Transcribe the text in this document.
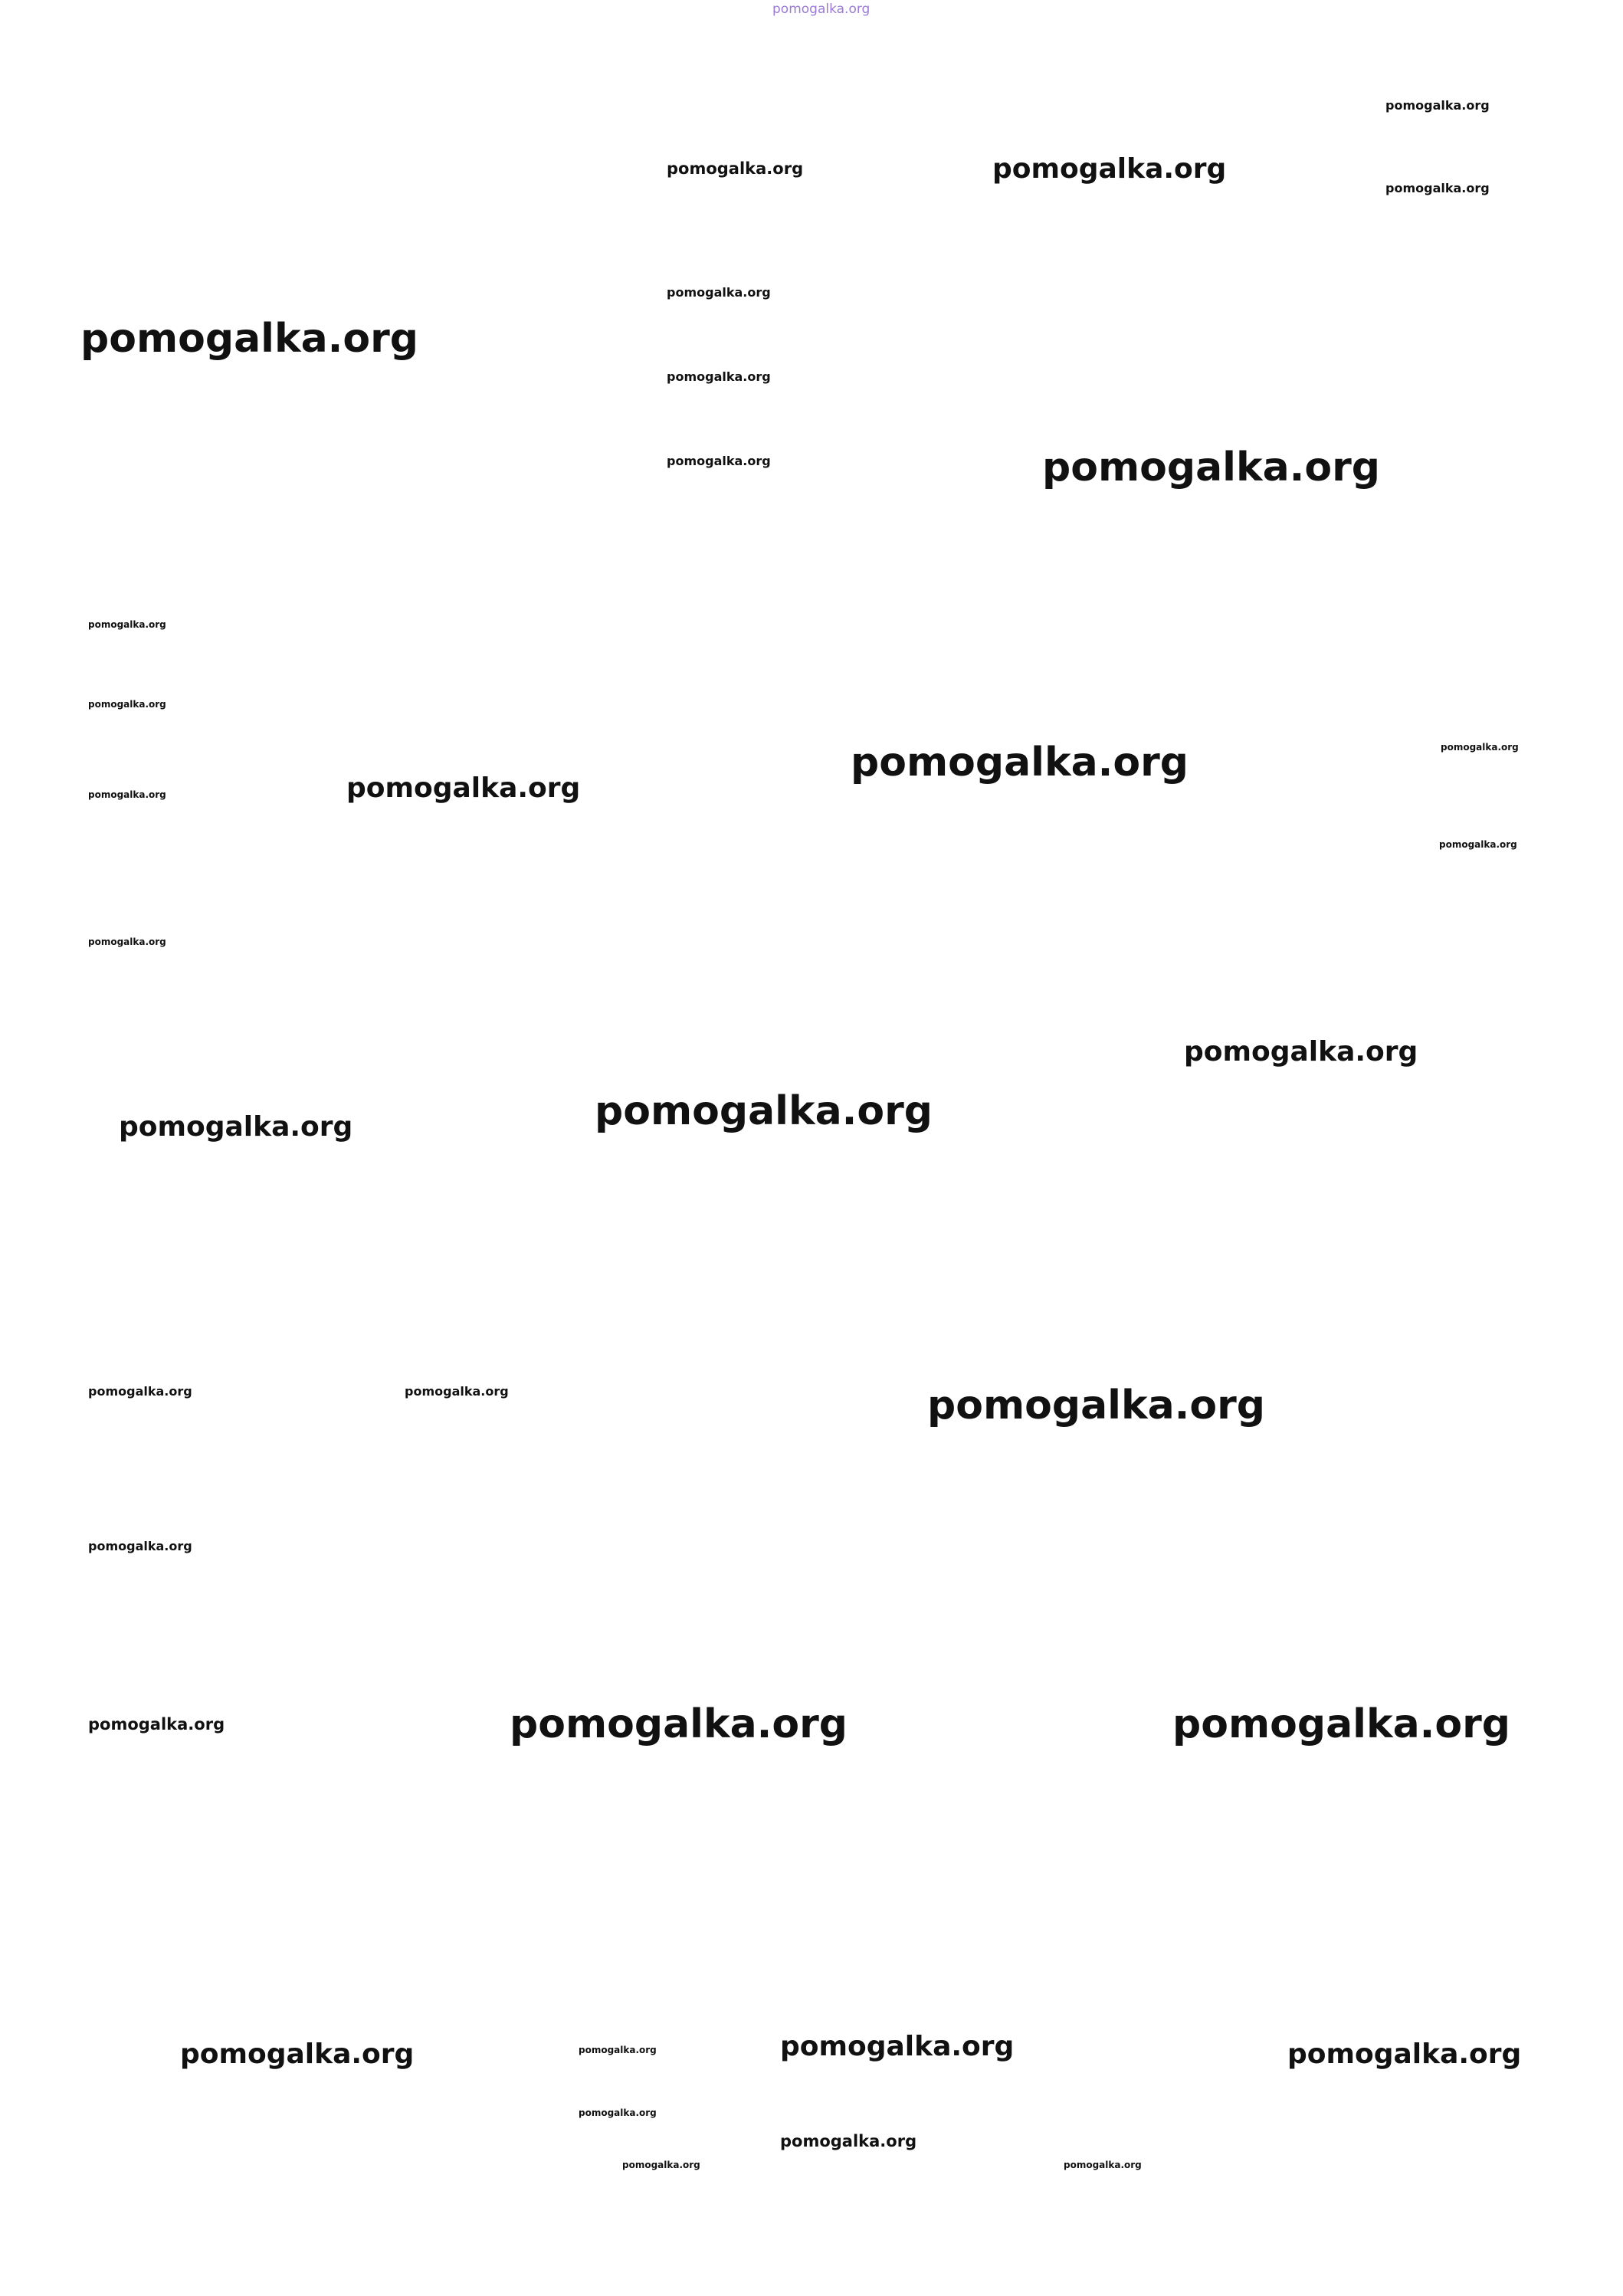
pomogalka.org
pomogalka.org
pomogalka.org
pomogalka.org	pomogalka.org
pomogalka.org
pomogalka.org
pomogalka.org
pomogalka.org	pomogalka.org
pomogalka.org
pomogalka.org
pomogalka.org
pomogalka.org
pomogalka.org	pomogalka.org
pomogalka.org
pomogalka.org
pomogalka.org
pomogalka.org
pomogalka.org
pomogalka.org	pomogalka.org	pomogalka.org
pomogalka.org
pomogalka.org	pomogalka.org	pomogalka.org
pomogalka.org	pomogalka.org	pomogalka.org
pomogalka.org
pomogalka.org
pomogalka.org
pomogalka.org	pomogalka.org
